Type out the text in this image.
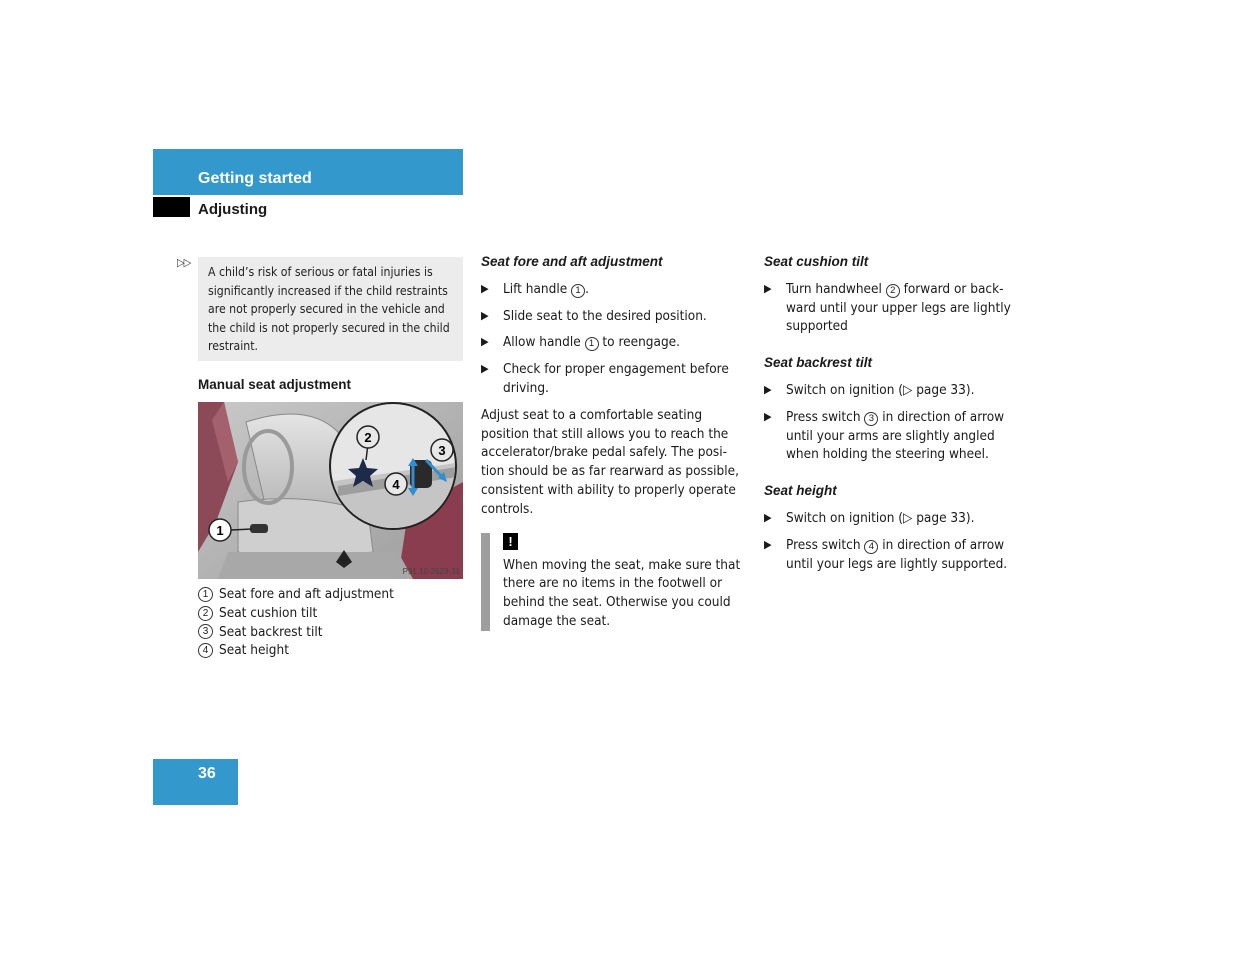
Getting started
Adjusting
▷▷
A child’s risk of serious or fatal injuries is significantly increased if the child restraints are not properly secured in the vehicle and the child is not properly secured in the child restraint.
Manual seat adjustment
1
2
3
4
P91.10-2623-31
1 Seat fore and aft adjustment
2 Seat cushion tilt
3 Seat backrest tilt
4 Seat height
Seat fore and aft adjustment
▶	Lift handle 1 .
▶	Slide seat to the desired position.
▶	Allow handle 1 to reengage.
▶	Check for proper engagement before driving.
Adjust seat to a comfortable seating position that still allows you to reach the accelerator/brake pedal safely. The posi-tion should be as far rearward as possible, consistent with ability to properly operate controls.
!
When moving the seat, make sure that there are no items in the footwell or behind the seat. Otherwise you could damage the seat.
Seat cushion tilt
▶	Turn handwheel 2 forward or back-ward until your upper legs are lightly supported
Seat backrest tilt
▶	Switch on ignition (▷ page 33).
▶	Press switch 3 in direction of arrow until your arms are slightly angled when holding the steering wheel.
Seat height
▶	Switch on ignition (▷ page 33).
▶	Press switch 4 in direction of arrow until your legs are lightly supported.
36
